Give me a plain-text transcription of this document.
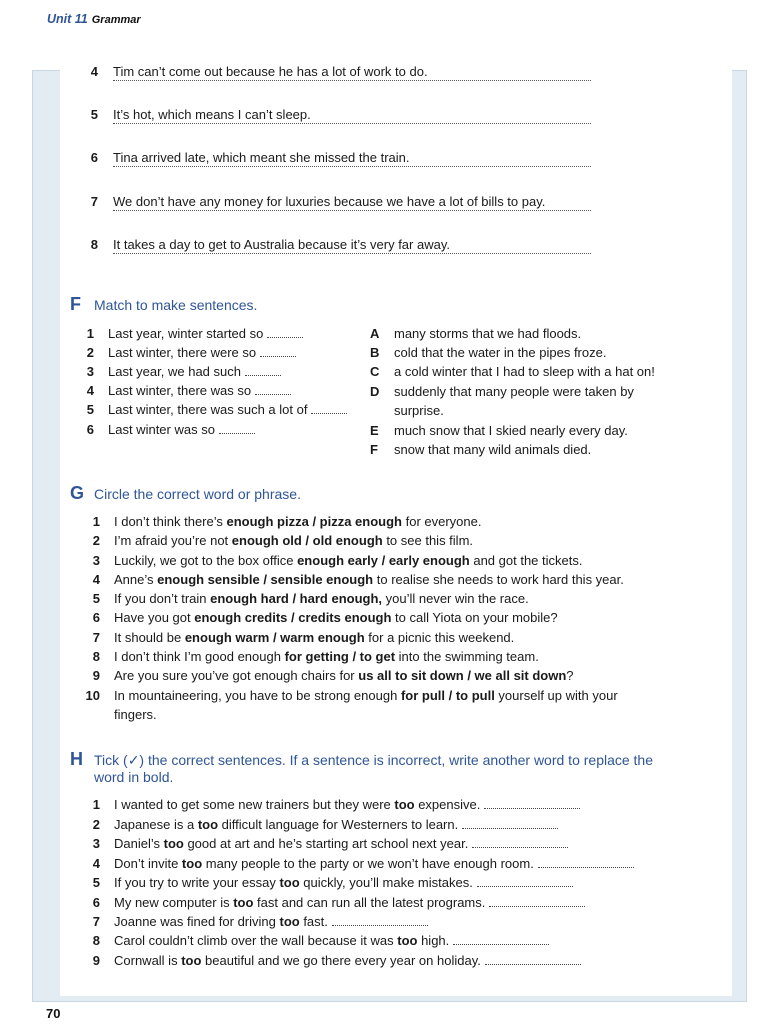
Unit 11 Grammar
4 Tim can’t come out because he has a lot of work to do.
5 It’s hot, which means I can’t sleep.
6 Tina arrived late, which meant she missed the train.
7 We don’t have any money for luxuries because we have a lot of bills to pay.
8 It takes a day to get to Australia because it’s very far away.
F Match to make sentences.
1 Last year, winter started so
2 Last winter, there were so
3 Last year, we had such
4 Last winter, there was so
5 Last winter, there was such a lot of
6 Last winter was so
A many storms that we had floods.
B cold that the water in the pipes froze.
C a cold winter that I had to sleep with a hat on!
D suddenly that many people were taken by
surprise.
E much snow that I skied nearly every day.
F snow that many wild animals died.
G Circle the correct word or phrase.
1 I don’t think there’s enough pizza / pizza enough for everyone.
2 I’m afraid you’re not enough old / old enough to see this film.
3 Luckily, we got to the box office enough early / early enough and got the tickets.
4 Anne’s enough sensible / sensible enough to realise she needs to work hard this year.
5 If you don’t train enough hard / hard enough, you’ll never win the race.
6 Have you got enough credits / credits enough to call Yiota on your mobile?
7 It should be enough warm / warm enough for a picnic this weekend.
8 I don’t think I’m good enough for getting / to get into the swimming team.
9 Are you sure you’ve got enough chairs for us all to sit down / we all sit down?
10 In mountaineering, you have to be strong enough for pull / to pull yourself up with your
fingers.
H Tick (✓) the correct sentences. If a sentence is incorrect, write another word to replace the
word in bold.
1 I wanted to get some new trainers but they were too expensive.
2 Japanese is a too difficult language for Westerners to learn.
3 Daniel’s too good at art and he’s starting art school next year.
4 Don’t invite too many people to the party or we won’t have enough room.
5 If you try to write your essay too quickly, you’ll make mistakes.
6 My new computer is too fast and can run all the latest programs.
7 Joanne was fined for driving too fast.
8 Carol couldn’t climb over the wall because it was too high.
9 Cornwall is too beautiful and we go there every year on holiday.
70
